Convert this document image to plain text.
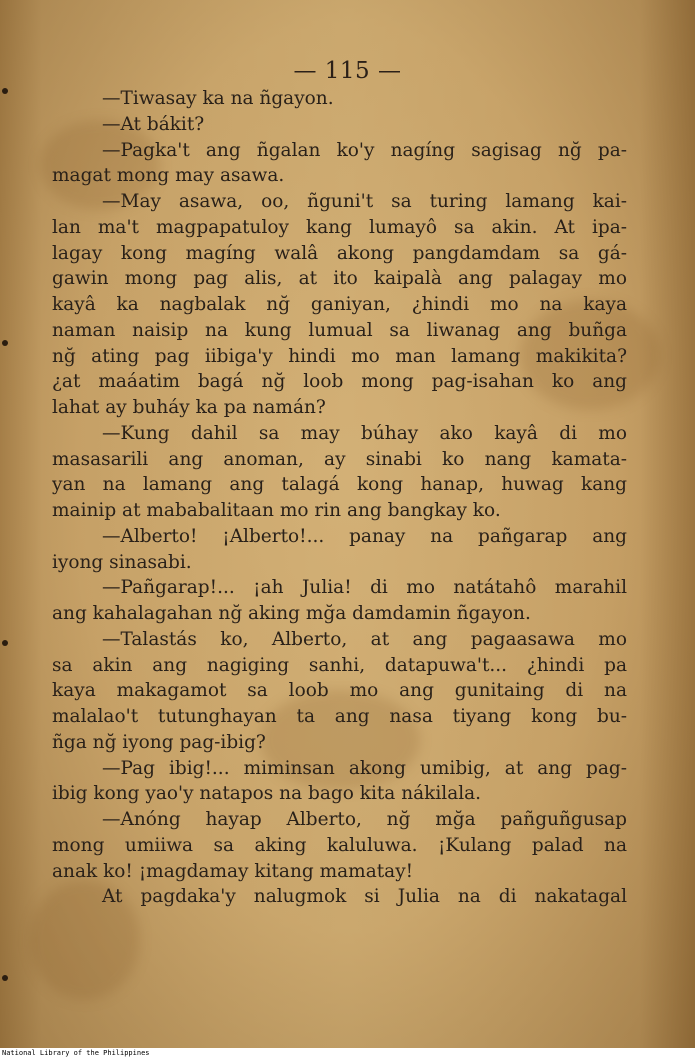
— 115 —
—Tiwasay ka na ñgayon.
—At bákit?
—Pagka't ang ñgalan ko'y nagíng sagisag nğ pa-
magat mong may asawa.
—May asawa, oo, ñguni't sa turing lamang kai-
lan ma't magpapatuloy kang lumayô sa akin. At ipa-
lagay kong magíng walâ akong pangdamdam sa gá-
gawin mong pag alis, at ito kaipalà ang palagay mo
kayâ ka nagbalak nğ ganiyan, ¿hindi mo na kaya
naman naisip na kung lumual sa liwanag ang buñga
nğ ating pag iibiga'y hindi mo man lamang makikita?
¿at maáatim bagá nğ loob mong pag-isahan ko ang
lahat ay buháy ka pa namán?
—Kung dahil sa may búhay ako kayâ di mo
masasarili ang anoman, ay sinabi ko nang kamata-
yan na lamang ang talagá kong hanap, huwag kang
mainip at mababalitaan mo rin ang bangkay ko.
—Alberto! ¡Alberto!... panay na pañgarap ang
iyong sinasabi.
—Pañgarap!... ¡ah Julia! di mo natátahô marahil
ang kahalagahan nğ aking mğa damdamin ñgayon.
—Talastás ko, Alberto, at ang pagaasawa mo
sa akin ang nagiging sanhi, datapuwa't... ¿hindi pa
kaya makagamot sa loob mo ang gunitaing di na
malalao't tutunghayan ta ang nasa tiyang kong bu-
ñga nğ iyong pag-ibig?
—Pag ibig!... miminsan akong umibig, at ang pag-
ibig kong yao'y natapos na bago kita nákilala.
—Anóng hayap Alberto, nğ mğa pañguñgusap
mong umiiwa sa aking kaluluwa. ¡Kulang palad na
anak ko! ¡magdamay kitang mamatay!
At pagdaka'y nalugmok si Julia na di nakatagal
National Library of the Philippines
